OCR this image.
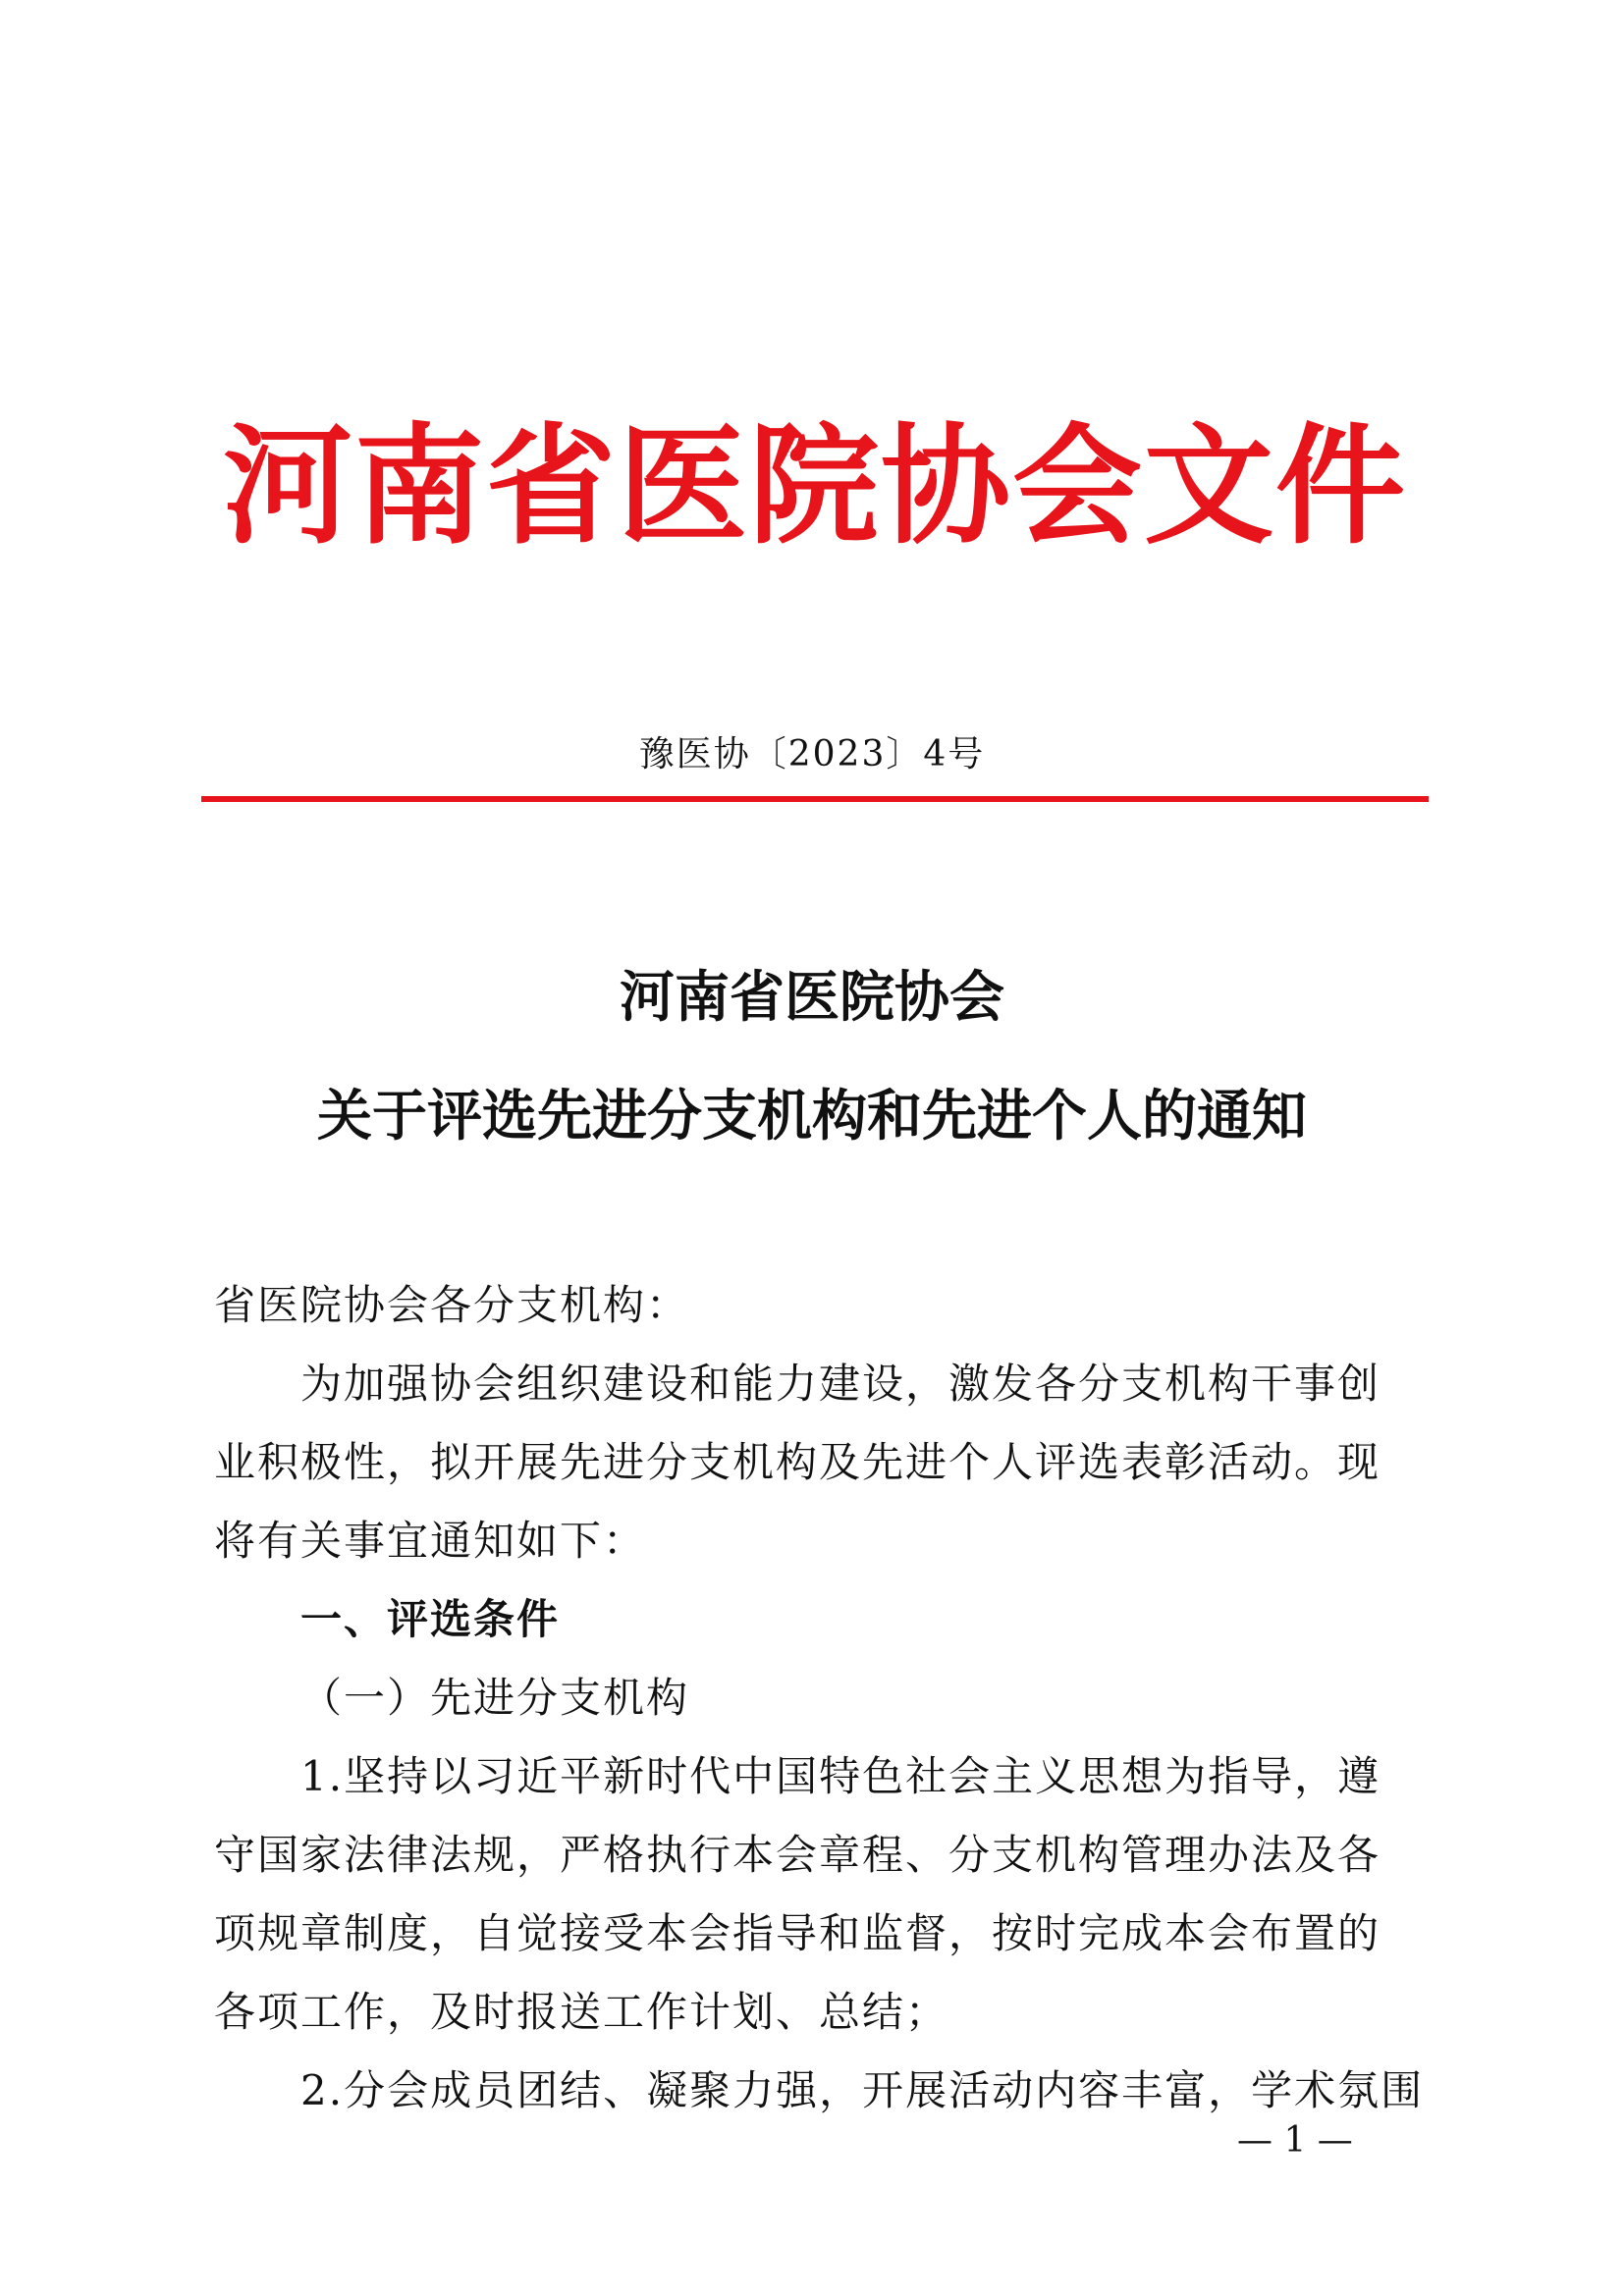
河南省医院协会文件
豫医协〔2023〕4号
河南省医院协会
关于评选先进分支机构和先进个人的通知
省医院协会各分支机构：
为加强协会组织建设和能力建设，激发各分支机构干事创业积极性，拟开展先进分支机构及先进个人评选表彰活动。现将有关事宜通知如下：
一、评选条件
（一）先进分支机构
1.坚持以习近平新时代中国特色社会主义思想为指导，遵守国家法律法规，严格执行本会章程、分支机构管理办法及各项规章制度，自觉接受本会指导和监督，按时完成本会布置的各项工作，及时报送工作计划、总结；
2.分会成员团结、凝聚力强，开展活动内容丰富，学术氛围
— 1 —
